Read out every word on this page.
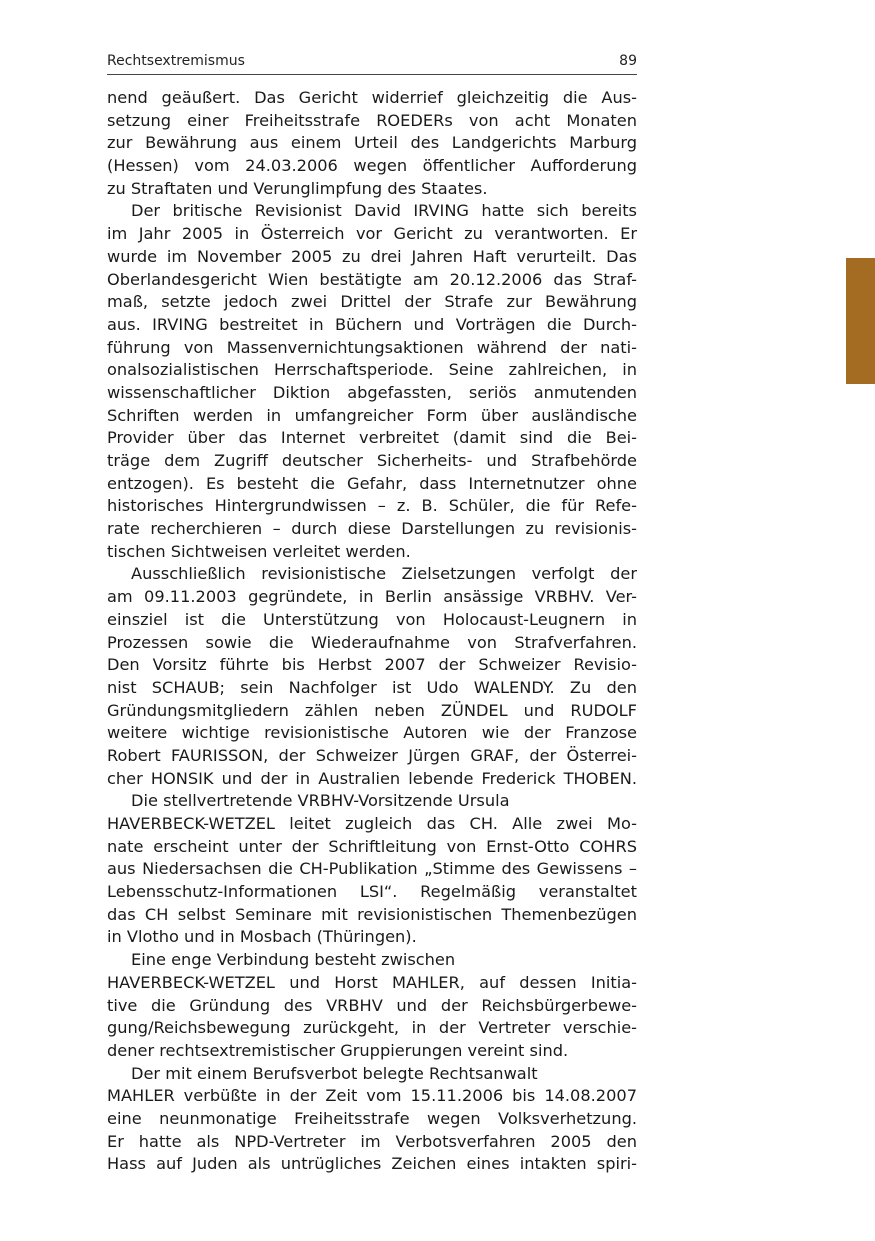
Rechtsextremismus	89
nend geäußert. Das Gericht widerrief gleichzeitig die Aus-
setzung einer Freiheitsstrafe ROEDERs von acht Monaten
zur Bewährung aus einem Urteil des Landgerichts Marburg
(Hessen) vom 24.03.2006 wegen öffentlicher Aufforderung
zu Straftaten und Verunglimpfung des Staates.
Der britische Revisionist David IRVING hatte sich bereits
im Jahr 2005 in Österreich vor Gericht zu verantworten. Er
wurde im November 2005 zu drei Jahren Haft verurteilt. Das
Oberlandesgericht Wien bestätigte am 20.12.2006 das Straf-
maß, setzte jedoch zwei Drittel der Strafe zur Bewährung
aus. IRVING bestreitet in Büchern und Vorträgen die Durch-
führung von Massenvernichtungsaktionen während der nati-
onalsozialistischen Herrschaftsperiode. Seine zahlreichen, in
wissenschaftlicher Diktion abgefassten, seriös anmutenden
Schriften werden in umfangreicher Form über ausländische
Provider über das Internet verbreitet (damit sind die Bei-
träge dem Zugriff deutscher Sicherheits- und Strafbehörde
entzogen). Es besteht die Gefahr, dass Internetnutzer ohne
historisches Hintergrundwissen – z. B. Schüler, die für Refe-
rate recherchieren – durch diese Darstellungen zu revisionis-
tischen Sichtweisen verleitet werden.
Ausschließlich revisionistische Zielsetzungen verfolgt der
am 09.11.2003 gegründete, in Berlin ansässige VRBHV. Ver-
einsziel ist die Unterstützung von Holocaust-Leugnern in
Prozessen sowie die Wiederaufnahme von Strafverfahren.
Den Vorsitz führte bis Herbst 2007 der Schweizer Revisio-
nist SCHAUB; sein Nachfolger ist Udo WALENDY. Zu den
Gründungsmitgliedern zählen neben ZÜNDEL und RUDOLF
weitere wichtige revisionistische Autoren wie der Franzose
Robert FAURISSON, der Schweizer Jürgen GRAF, der Österrei-
cher HONSIK und der in Australien lebende Frederick THOBEN.
Die stellvertretende VRBHV-Vorsitzende Ursula
HAVERBECK-WETZEL leitet zugleich das CH. Alle zwei Mo-
nate erscheint unter der Schriftleitung von Ernst-Otto COHRS
aus Niedersachsen die CH-Publikation „Stimme des Gewissens –
Lebensschutz-Informationen LSI“. Regelmäßig veranstaltet
das CH selbst Seminare mit revisionistischen Themenbezügen
in Vlotho und in Mosbach (Thüringen).
Eine enge Verbindung besteht zwischen
HAVERBECK-WETZEL und Horst MAHLER, auf dessen Initia-
tive die Gründung des VRBHV und der Reichsbürgerbewe-
gung/Reichsbewegung zurückgeht, in der Vertreter verschie-
dener rechtsextremistischer Gruppierungen vereint sind.
Der mit einem Berufsverbot belegte Rechtsanwalt
MAHLER verbüßte in der Zeit vom 15.11.2006 bis 14.08.2007
eine neunmonatige Freiheitsstrafe wegen Volksverhetzung.
Er hatte als NPD-Vertreter im Verbotsverfahren 2005 den
Hass auf Juden als untrügliches Zeichen eines intakten spiri-
